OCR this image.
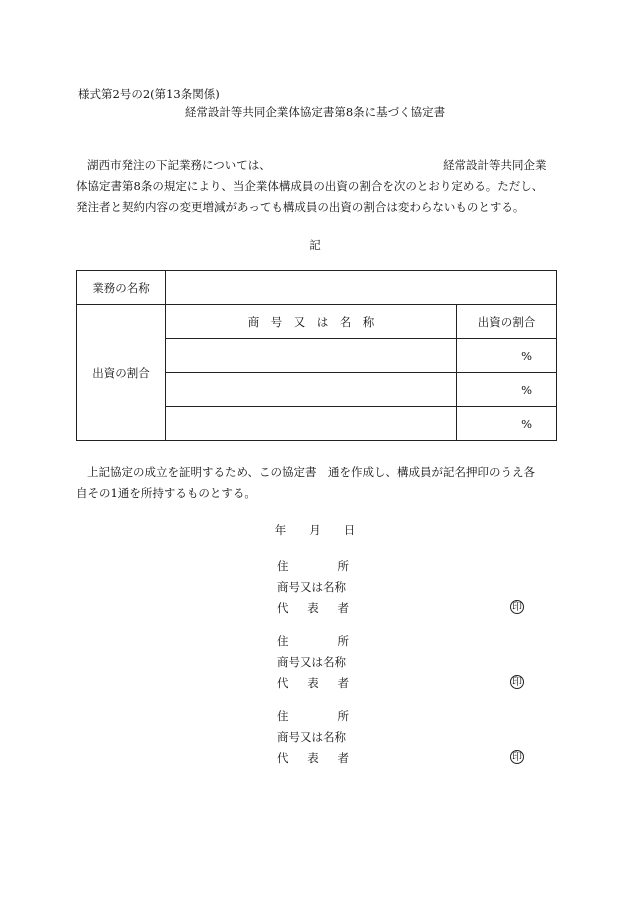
様式第2号の2(第13条関係)
経常設計等共同企業体協定書第8条に基づく協定書
湖西市発注の下記業務については、	経常設計等共同企業
体協定書第8条の規定により、当企業体構成員の出資の割合を次のとおり定める。ただし、
発注者と契約内容の変更増減があっても構成員の出資の割合は変わらないものとする。
記
業務の名称		
出資の割合	商　号　又　は　名　称	出資の割合
		%
		%
		%
上記協定の成立を証明するため、この協定書　通を作成し、構成員が記名押印のうえ各
自その1通を所持するものとする。
年　　月　　日
住	所
商号又は名称
代 表 者	印
住	所
商号又は名称
代 表 者	印
住	所
商号又は名称
代 表 者	印
